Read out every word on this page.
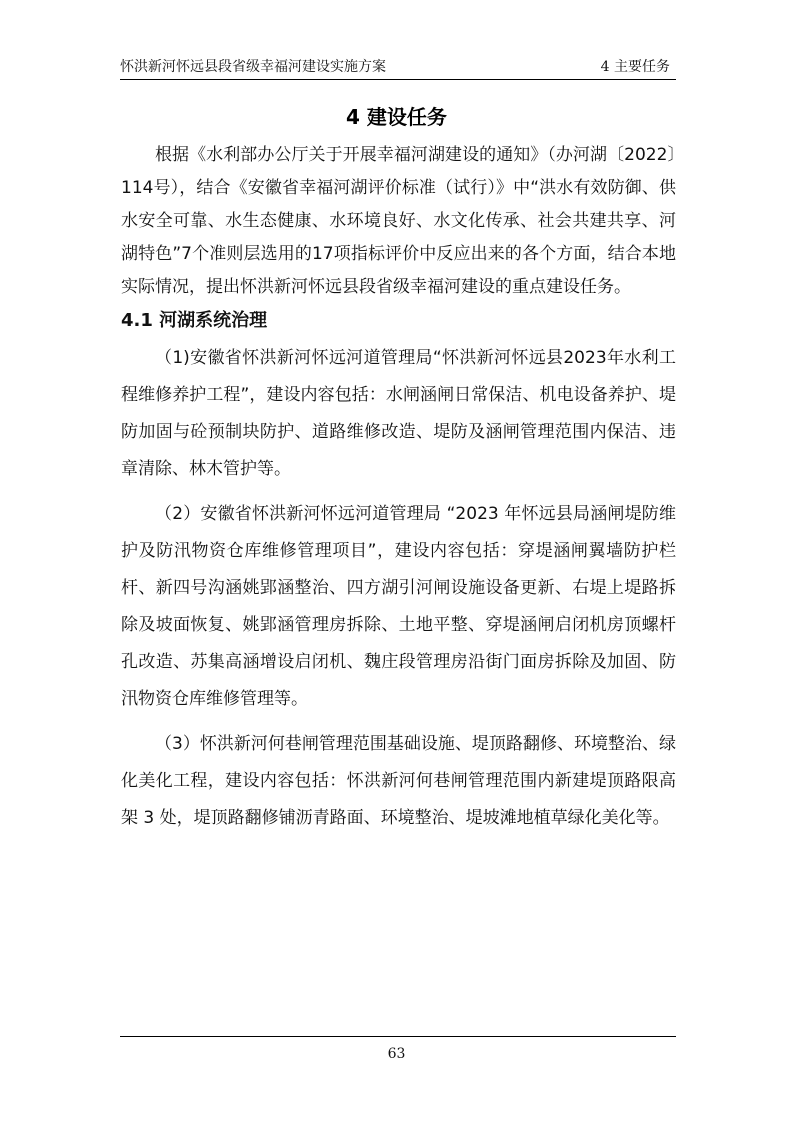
怀洪新河怀远县段省级幸福河建设实施方案	4 主要任务
4 建设任务

根据《水利部办公厅关于开展幸福河湖建设的通知》（办河湖〔2022〕114号），结合《安徽省幸福河湖评价标准（试行）》中“洪水有效防御、供水安全可靠、水生态健康、水环境良好、水文化传承、社会共建共享、河湖特色”7个准则层选用的17项指标评价中反应出来的各个方面，结合本地实际情况，提出怀洪新河怀远县段省级幸福河建设的重点建设任务。

4.1 河湖系统治理

（1)安徽省怀洪新河怀远河道管理局“怀洪新河怀远县2023年水利工程维修养护工程”，建设内容包括：水闸涵闸日常保洁、机电设备养护、堤防加固与砼预制块防护、道路维修改造、堤防及涵闸管理范围内保洁、违章清除、林木管护等。

（2）安徽省怀洪新河怀远河道管理局 “2023 年怀远县局涵闸堤防维护及防汛物资仓库维修管理项目”，建设内容包括：穿堤涵闸翼墙防护栏杆、新四号沟涵姚郢涵整治、四方湖引河闸设施设备更新、右堤上堤路拆除及坡面恢复、姚郢涵管理房拆除、土地平整、穿堤涵闸启闭机房顶螺杆孔改造、苏集高涵增设启闭机、魏庄段管理房沿街门面房拆除及加固、防汛物资仓库维修管理等。

（3）怀洪新河何巷闸管理范围基础设施、堤顶路翻修、环境整治、绿化美化工程，建设内容包括：怀洪新河何巷闸管理范围内新建堤顶路限高架 3 处，堤顶路翻修铺沥青路面、环境整治、堤坡滩地植草绿化美化等。

63
